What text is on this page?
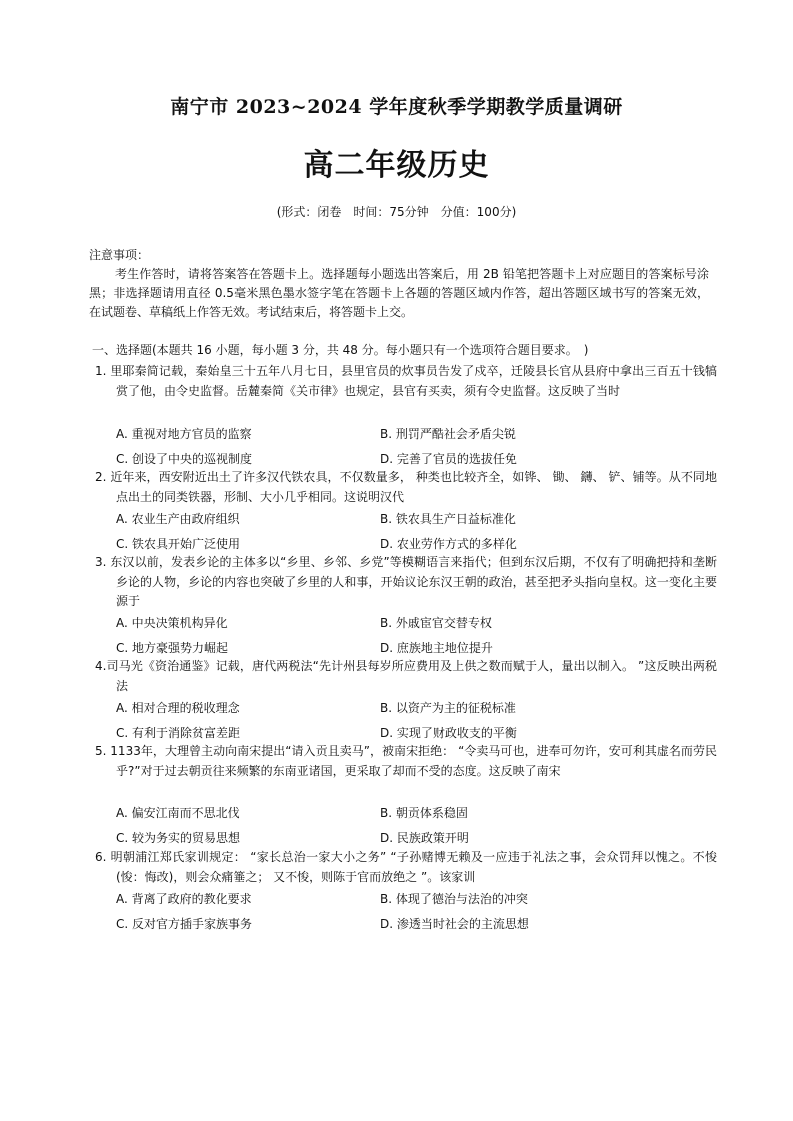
南宁市 2023~2024 学年度秋季学期教学质量调研
高二年级历史
(形式：闭卷　时间：75分钟　分值：100分)
注意事项：
考生作答时，请将答案答在答题卡上。选择题每小题选出答案后，用 2B 铅笔把答题卡上对应题目的答案标号涂黑；非选择题请用直径 0.5毫米黑色墨水签字笔在答题卡上各题的答题区域内作答，超出答题区域书写的答案无效，在试题卷、草稿纸上作答无效。考试结束后，将答题卡上交。
一、选择题(本题共 16 小题，每小题 3 分，共 48 分。每小题只有一个选项符合题目要求。　)
1. 里耶秦简记载，秦始皇三十五年八月七日，县里官员的炊事员告发了戍卒，迁陵县长官从县府中拿出三百五十钱犒赏了他，由令史监督。岳麓秦简《关市律》也规定，县官有买卖，须有令史监督。这反映了当时
A. 重视对地方官员的监察	B. 刑罚严酷社会矛盾尖锐
C. 创设了中央的巡视制度	D. 完善了官员的选拔任免
2. 近年来，西安附近出土了许多汉代铁农具，不仅数量多， 种类也比较齐全，如铧、 锄、 鑮、 铲、铺等。从不同地点出土的同类铁器，形制、大小几乎相同。这说明汉代
A. 农业生产由政府组织	B. 铁农具生产日益标准化
C. 铁农具开始广泛使用	D. 农业劳作方式的多样化
3. 东汉以前，发表乡论的主体多以“乡里、乡邻、乡党”等模糊语言来指代；但到东汉后期，不仅有了明确把持和垄断乡论的人物，乡论的内容也突破了乡里的人和事，开始议论东汉王朝的政治，甚至把矛头指向皇权。这一变化主要源于
A. 中央决策机构异化	B. 外戚宦官交替专权
C. 地方豪强势力崛起	D. 庶族地主地位提升
4.司马光《资治通鉴》记载，唐代两税法“先计州县每岁所应费用及上供之数而赋于人，量出以制入。 ”这反映出两税法
A. 相对合理的税收理念	B. 以资产为主的征税标准
C. 有利于消除贫富差距	D. 实现了财政收支的平衡
5. 1133年，大理曾主动向南宋提出“请入贡且卖马”，被南宋拒绝： “令卖马可也，进奉可勿许，安可利其虚名而劳民乎?”对于过去朝贡往来频繁的东南亚诸国，更采取了却而不受的态度。这反映了南宋
A. 偏安江南而不思北伐	B. 朝贡体系稳固
C. 较为务实的贸易思想	D. 民族政策开明
6. 明朝浦江郑氏家训规定： “家长总治一家大小之务” “子孙赌博无赖及一应违于礼法之事，会众罚拜以愧之。不悛(悛：悔改)，则会众痛箠之； 又不悛，则陈于官而放绝之 ”。该家训
A. 背离了政府的教化要求	B. 体现了德治与法治的冲突
C. 反对官方插手家族事务	D. 渗透当时社会的主流思想
